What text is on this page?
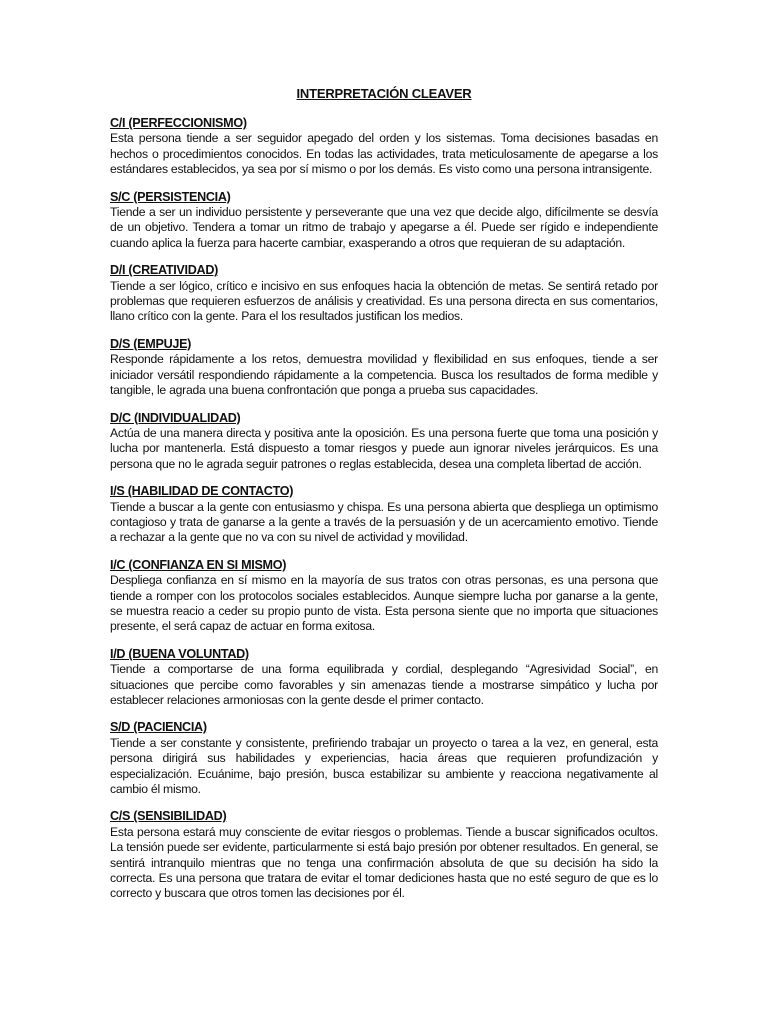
INTERPRETACIÓN CLEAVER
C/I (PERFECCIONISMO)

Esta persona tiende a ser seguidor apegado del orden y los sistemas. Toma decisiones basadas en hechos o procedimientos conocidos. En todas las actividades, trata meticulosamente de apegarse a los estándares establecidos, ya sea por sí mismo o por los demás. Es visto como una persona intransigente.

S/C (PERSISTENCIA)

Tiende a ser un individuo persistente y perseverante que una vez que decide algo, difícilmente se desvía de un objetivo. Tendera a tomar un ritmo de trabajo y apegarse a él. Puede ser rígido e independiente cuando aplica la fuerza para hacerte cambiar, exasperando a otros que requieran de su adaptación.

D/I (CREATIVIDAD)

Tiende a ser lógico, crítico e incisivo en sus enfoques hacia la obtención de metas. Se sentirá retado por problemas que requieren esfuerzos de análisis y creatividad. Es una persona directa en sus comentarios, llano crítico con la gente. Para el los resultados justifican los medios.

D/S (EMPUJE)

Responde rápidamente a los retos, demuestra movilidad y flexibilidad en sus enfoques, tiende a ser iniciador versátil respondiendo rápidamente a la competencia. Busca los resultados de forma medible y tangible, le agrada una buena confrontación que ponga a prueba sus capacidades.

D/C (INDIVIDUALIDAD)

Actúa de una manera directa y positiva ante la oposición. Es una persona fuerte que toma una posición y lucha por mantenerla. Está dispuesto a tomar riesgos y puede aun ignorar niveles jerárquicos. Es una persona que no le agrada seguir patrones o reglas establecida, desea una completa libertad de acción.

I/S (HABILIDAD DE CONTACTO)

Tiende a buscar a la gente con entusiasmo y chispa. Es una persona abierta que despliega un optimismo contagioso y trata de ganarse a la gente a través de la persuasión y de un acercamiento emotivo. Tiende a rechazar a la gente que no va con su nivel de actividad y movilidad.

I/C (CONFIANZA EN SI MISMO)

Despliega confianza en sí mismo en la mayoría de sus tratos con otras personas, es una persona que tiende a romper con los protocolos sociales establecidos. Aunque siempre lucha por ganarse a la gente, se muestra reacio a ceder su propio punto de vista. Esta persona siente que no importa que situaciones presente, el será capaz de actuar en forma exitosa.

I/D (BUENA VOLUNTAD)

Tiende a comportarse de una forma equilibrada y cordial, desplegando “Agresividad Social”, en situaciones que percibe como favorables y sin amenazas tiende a mostrarse simpático y lucha por establecer relaciones armoniosas con la gente desde el primer contacto.

S/D (PACIENCIA)

Tiende a ser constante y consistente, prefiriendo trabajar un proyecto o tarea a la vez, en general, esta persona dirigirá sus habilidades y experiencias, hacia áreas que requieren profundización y especialización. Ecuánime, bajo presión, busca estabilizar su ambiente y reacciona negativamente al cambio él mismo.

C/S (SENSIBILIDAD)

Esta persona estará muy consciente de evitar riesgos o problemas. Tiende a buscar significados ocultos. La tensión puede ser evidente, particularmente si está bajo presión por obtener resultados. En general, se sentirá intranquilo mientras que no tenga una confirmación absoluta de que su decisión ha sido la correcta. Es una persona que tratara de evitar el tomar dediciones hasta que no esté seguro de que es lo correcto y buscara que otros tomen las decisiones por él.
